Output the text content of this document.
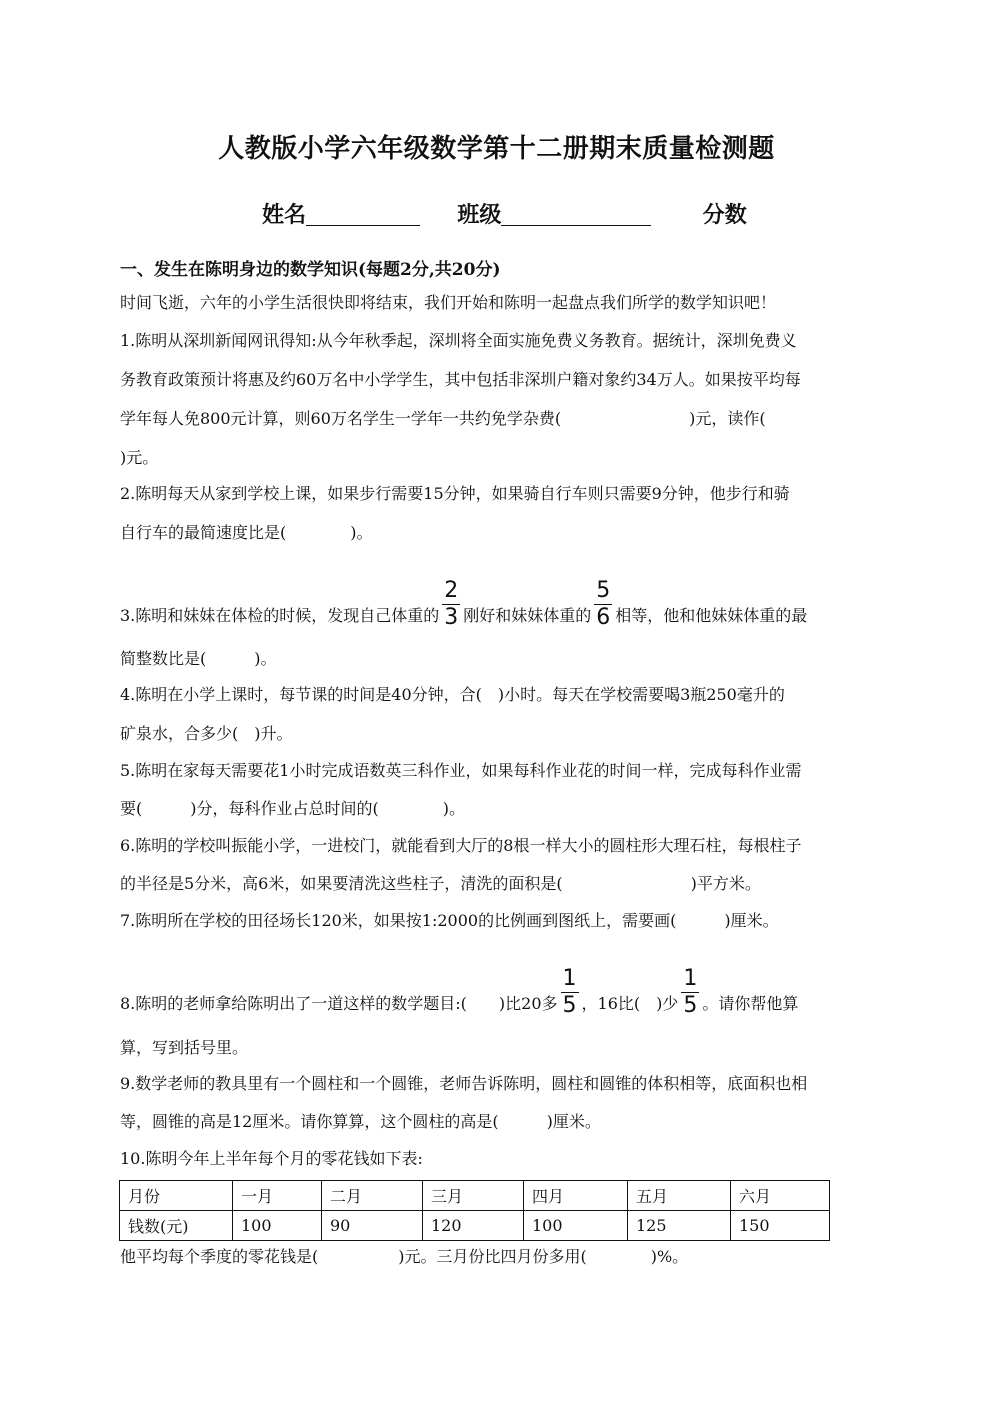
人教版小学六年级数学第十二册期末质量检测题
姓名	班级	分数
一、发生在陈明身边的数学知识(每题2分,共20分)
时间飞逝，六年的小学生活很快即将结束，我们开始和陈明一起盘点我们所学的数学知识吧！
1.陈明从深圳新闻网讯得知:从今年秋季起，深圳将全面实施免费义务教育。据统计，深圳免费义
务教育政策预计将惠及约60万名中小学学生，其中包括非深圳户籍对象约34万人。如果按平均每
学年每人免800元计算，则60万名学生一学年一共约免学杂费(　　　　　　　　)元，读作(
)元。
2.陈明每天从家到学校上课，如果步行需要15分钟，如果骑自行车则只需要9分钟，他步行和骑
自行车的最简速度比是(　　　　)。
3.陈明和妹妹在体检的时候，发现自己体重的 $\frac{2}{3}$ 刚好和妹妹体重的 $\frac{5}{6}$ 相等，他和他妹妹体重的最
简整数比是(　　　)。
4.陈明在小学上课时，每节课的时间是40分钟，合(　)小时。每天在学校需要喝3瓶250毫升的
矿泉水，合多少(　)升。
5.陈明在家每天需要花1小时完成语数英三科作业，如果每科作业花的时间一样，完成每科作业需
要(　　　)分，每科作业占总时间的(　　　　)。
6.陈明的学校叫振能小学，一进校门，就能看到大厅的8根一样大小的圆柱形大理石柱，每根柱子
的半径是5分米，高6米，如果要清洗这些柱子，清洗的面积是(　　　　　　　　)平方米。
7.陈明所在学校的田径场长120米，如果按1:2000的比例画到图纸上，需要画(　　　)厘米。
8.陈明的老师拿给陈明出了一道这样的数学题目:(　　)比20多 $\frac{1}{5}$ ，16比(　)少 $\frac{1}{5}$ 。请你帮他算
算，写到括号里。
9.数学老师的教具里有一个圆柱和一个圆锥，老师告诉陈明，圆柱和圆锥的体积相等，底面积也相
等，圆锥的高是12厘米。请你算算，这个圆柱的高是(　　　)厘米。
10.陈明今年上半年每个月的零花钱如下表:
月份	一月	二月	三月	四月	五月	六月
钱数(元)	100	90	120	100	125	150
他平均每个季度的零花钱是(　　　　　)元。三月份比四月份多用(　　　　)%。
